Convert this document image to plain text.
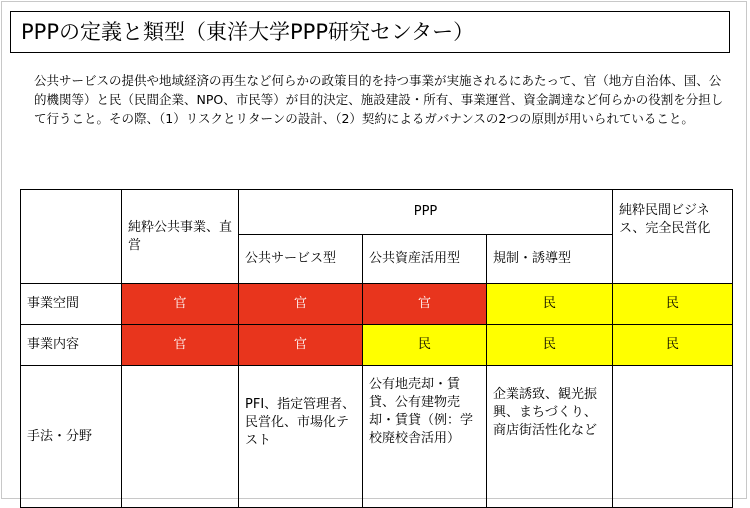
PPPの定義と類型（東洋大学PPP研究センター）
公共サービスの提供や地域経済の再生など何らかの政策目的を持つ事業が実施されるにあたって、官（地方自治体、国、公的機関等）と民（民間企業、NPO、市民等）が目的決定、施設建設・所有、事業運営、資金調達など何らかの役割を分担して行うこと。その際、（1）リスクとリターンの設計、（2）契約によるガバナンスの2つの原則が用いられていること。
	純粋公共事業、直営	PPP			純粋民間ビジネス、完全民営化
		公共サービス型	公共資産活用型	規制・誘導型	
事業空間	官	官	官	民	民
事業内容	官	官	民	民	民
手法・分野		PFI、指定管理者、民営化、市場化テスト	公有地売却・賃貸、公有建物売却・賃貸（例：学校廃校舎活用）	企業誘致、観光振興、まちづくり、商店街活性化など	
